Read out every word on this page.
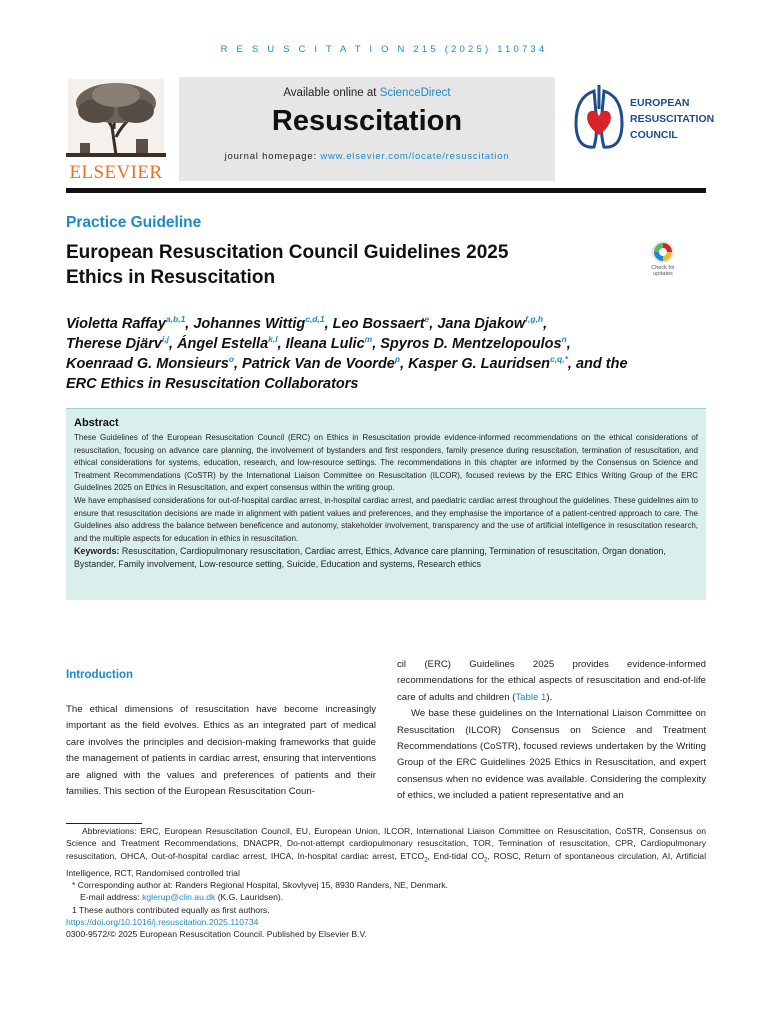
R E S U S C I T A T I O N 215 (2025) 110734
ELSEVIER
Available online at ScienceDirect
Resuscitation
journal homepage: www.elsevier.com/locate/resuscitation
EUROPEAN
RESUSCITATION
COUNCIL
Practice Guideline
European Resuscitation Council Guidelines 2025
Ethics in Resuscitation	Check for updates
Violetta Raffay$^{a,b,1}$, Johannes Wittig$^{c,d,1}$, Leo Bossaert$^e$, Jana Djakow$^{f,g,h}$,
Therese Djärv$^{i,j}$, Ángel Estella$^{k,l}$, Ileana Lulic$^m$, Spyros D. Mentzelopoulos$^n$,
Koenraad G. Monsieurs$^o$, Patrick Van de Voorde$^p$, Kasper G. Lauridsen$^{c,q,*}$, and the
ERC Ethics in Resuscitation Collaborators
Abstract
These Guidelines of the European Resuscitation Council (ERC) on Ethics in Resuscitation provide evidence-informed recommendations on the ethical considerations of resuscitation, focusing on advance care planning, the involvement of bystanders and first responders, family presence during resuscitation, termination of resuscitation, and ethical considerations for systems, education, research, and low-resource settings. The recommendations in this chapter are informed by the Consensus on Science and Treatment Recommendations (CoSTR) by the International Liaison Committee on Resuscitation (ILCOR), focused reviews by the ERC Ethics Writing Group of the ERC Guidelines 2025 on Ethics in Resuscitation, and expert consensus within the writing group.
We have emphasised considerations for out-of-hospital cardiac arrest, in-hospital cardiac arrest, and paediatric cardiac arrest throughout the guidelines. These guidelines aim to ensure that resuscitation decisions are made in alignment with patient values and preferences, and they emphasise the importance of a patient-centred approach to care. The Guidelines also address the balance between beneficence and autonomy, stakeholder involvement, transparency and the use of artificial intelligence in resuscitation research, and the multiple aspects for education in ethics in resuscitation.
Keywords: Resuscitation, Cardiopulmonary resuscitation, Cardiac arrest, Ethics, Advance care planning, Termination of resuscitation, Organ donation, Bystander, Family involvement, Low-resource setting, Suicide, Education and systems, Research ethics
Introduction
The ethical dimensions of resuscitation have become increasingly important as the field evolves. Ethics as an integrated part of medical care involves the principles and decision-making frameworks that guide the management of patients in cardiac arrest, ensuring that interventions are aligned with the values and preferences of patients and their families. This section of the European Resuscitation Coun-
cil (ERC) Guidelines 2025 provides evidence-informed recommendations for the ethical aspects of resuscitation and end-of-life care of adults and children (Table 1).
We base these guidelines on the International Liaison Committee on Resuscitation (ILCOR) Consensus on Science and Treatment Recommendations (CoSTR), focused reviews undertaken by the Writing Group of the ERC Guidelines 2025 Ethics in Resuscitation, and expert consensus when no evidence was available. Considering the complexity of ethics, we included a patient representative and an
Abbreviations: ERC, European Resuscitation Council, EU, European Union, ILCOR, International Liaison Committee on Resuscitation, CoSTR, Consensus on Science and Treatment Recommendations, DNACPR, Do-not-attempt cardiopulmonary resuscitation, TOR, Termination of resuscitation, CPR, Cardiopulmonary resuscitation, OHCA, Out-of-hospital cardiac arrest, IHCA, In-hospital cardiac arrest, $ETCO_2$, End-tidal $CO_2$, ROSC, Return of spontaneous circulation, AI, Artificial Intelligence, RCT, Randomised controlled trial
* Corresponding author at: Randers Regional Hospital, Skovlyvej 15, 8930 Randers, NE, Denmark.
E-mail address: kglerup@clin.au.dk (K.G. Lauridsen).
1 These authors contributed equally as first authors.
https://doi.org/10.1016/j.resuscitation.2025.110734
0300-9572/© 2025 European Resuscitation Council. Published by Elsevier B.V.
